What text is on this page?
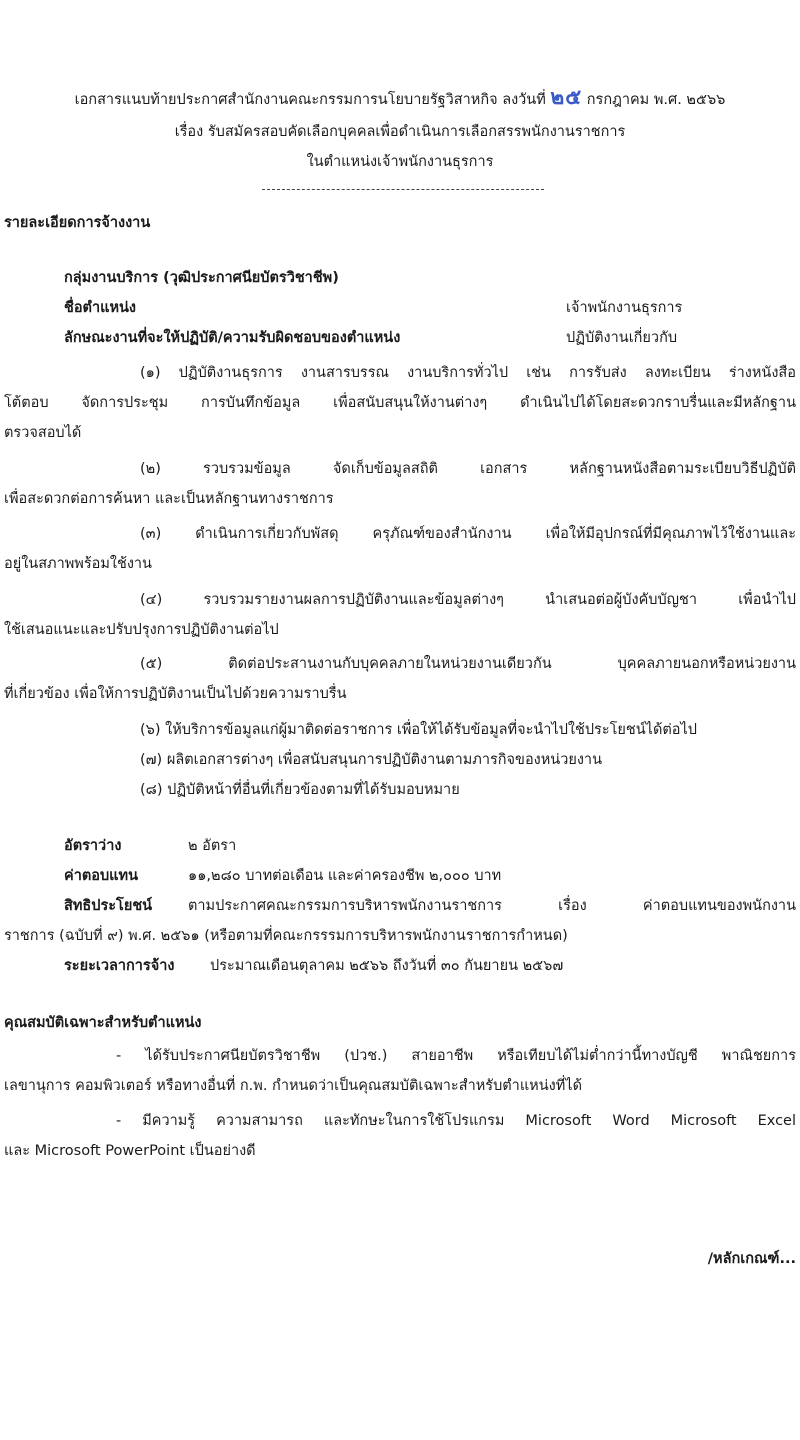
เอกสารแนบท้ายประกาศสำนักงานคณะกรรมการนโยบายรัฐวิสาหกิจ ลงวันที่ ๒๕ กรกฎาคม พ.ศ. ๒๕๖๖

เรื่อง รับสมัครสอบคัดเลือกบุคคลเพื่อดำเนินการเลือกสรรพนักงานราชการ

ในตำแหน่งเจ้าพนักงานธุรการ

รายละเอียดการจ้างงาน

กลุ่มงานบริการ (วุฒิประกาศนียบัตรวิชาชีพ)

ชื่อตำแหน่ง	เจ้าพนักงานธุรการ

ลักษณะงานที่จะให้ปฏิบัติ/ความรับผิดชอบของตำแหน่ง	ปฏิบัติงานเกี่ยวกับ

(๑) ปฏิบัติงานธุรการ งานสารบรรณ งานบริการทั่วไป เช่น การรับส่ง ลงทะเบียน ร่างหนังสือ

โต้ตอบ จัดการประชุม การบันทึกข้อมูล เพื่อสนับสนุนให้งานต่างๆ ดำเนินไปได้โดยสะดวกราบรื่นและมีหลักฐาน

ตรวจสอบได้

(๒) รวบรวมข้อมูล จัดเก็บข้อมูลสถิติ เอกสาร หลักฐานหนังสือตามระเบียบวิธีปฏิบัติ

เพื่อสะดวกต่อการค้นหา และเป็นหลักฐานทางราชการ

(๓) ดำเนินการเกี่ยวกับพัสดุ ครุภัณฑ์ของสำนักงาน เพื่อให้มีอุปกรณ์ที่มีคุณภาพไว้ใช้งานและ

อยู่ในสภาพพร้อมใช้งาน

(๔) รวบรวมรายงานผลการปฏิบัติงานและข้อมูลต่างๆ นำเสนอต่อผู้บังคับบัญชา เพื่อนำไป

ใช้เสนอแนะและปรับปรุงการปฏิบัติงานต่อไป

(๕) ติดต่อประสานงานกับบุคคลภายในหน่วยงานเดียวกัน บุคคลภายนอกหรือหน่วยงาน

ที่เกี่ยวข้อง เพื่อให้การปฏิบัติงานเป็นไปด้วยความราบรื่น

(๖) ให้บริการข้อมูลแก่ผู้มาติดต่อราชการ เพื่อให้ได้รับข้อมูลที่จะนำไปใช้ประโยชน์ได้ต่อไป

(๗) ผลิตเอกสารต่างๆ เพื่อสนับสนุนการปฏิบัติงานตามภารกิจของหน่วยงาน

(๘) ปฏิบัติหน้าที่อื่นที่เกี่ยวข้องตามที่ได้รับมอบหมาย

อัตราว่าง	๒ อัตรา

ค่าตอบแทน	๑๑,๒๘๐ บาทต่อเดือน และค่าครองชีพ ๒,๐๐๐ บาท

สิทธิประโยชน์ ตามประกาศคณะกรรมการบริหารพนักงานราชการ เรื่อง ค่าตอบแทนของพนักงาน

ราชการ (ฉบับที่ ๙) พ.ศ. ๒๕๖๑ (หรือตามที่คณะกรรรมการบริหารพนักงานราชการกำหนด)

ระยะเวลาการจ้าง ประมาณเดือนตุลาคม ๒๕๖๖ ถึงวันที่ ๓๐ กันยายน ๒๕๖๗

คุณสมบัติเฉพาะสำหรับตำแหน่ง

- ได้รับประกาศนียบัตรวิชาชีพ (ปวช.) สายอาชีพ หรือเทียบได้ไม่ต่ำกว่านี้ทางบัญชี พาณิชยการ

เลขานุการ คอมพิวเตอร์ หรือทางอื่นที่ ก.พ. กำหนดว่าเป็นคุณสมบัติเฉพาะสำหรับตำแหน่งที่ได้

- มีความรู้ ความสามารถ และทักษะในการใช้โปรแกรม Microsoft Word Microsoft Excel

และ Microsoft PowerPoint เป็นอย่างดี

/หลักเกณฑ์...
